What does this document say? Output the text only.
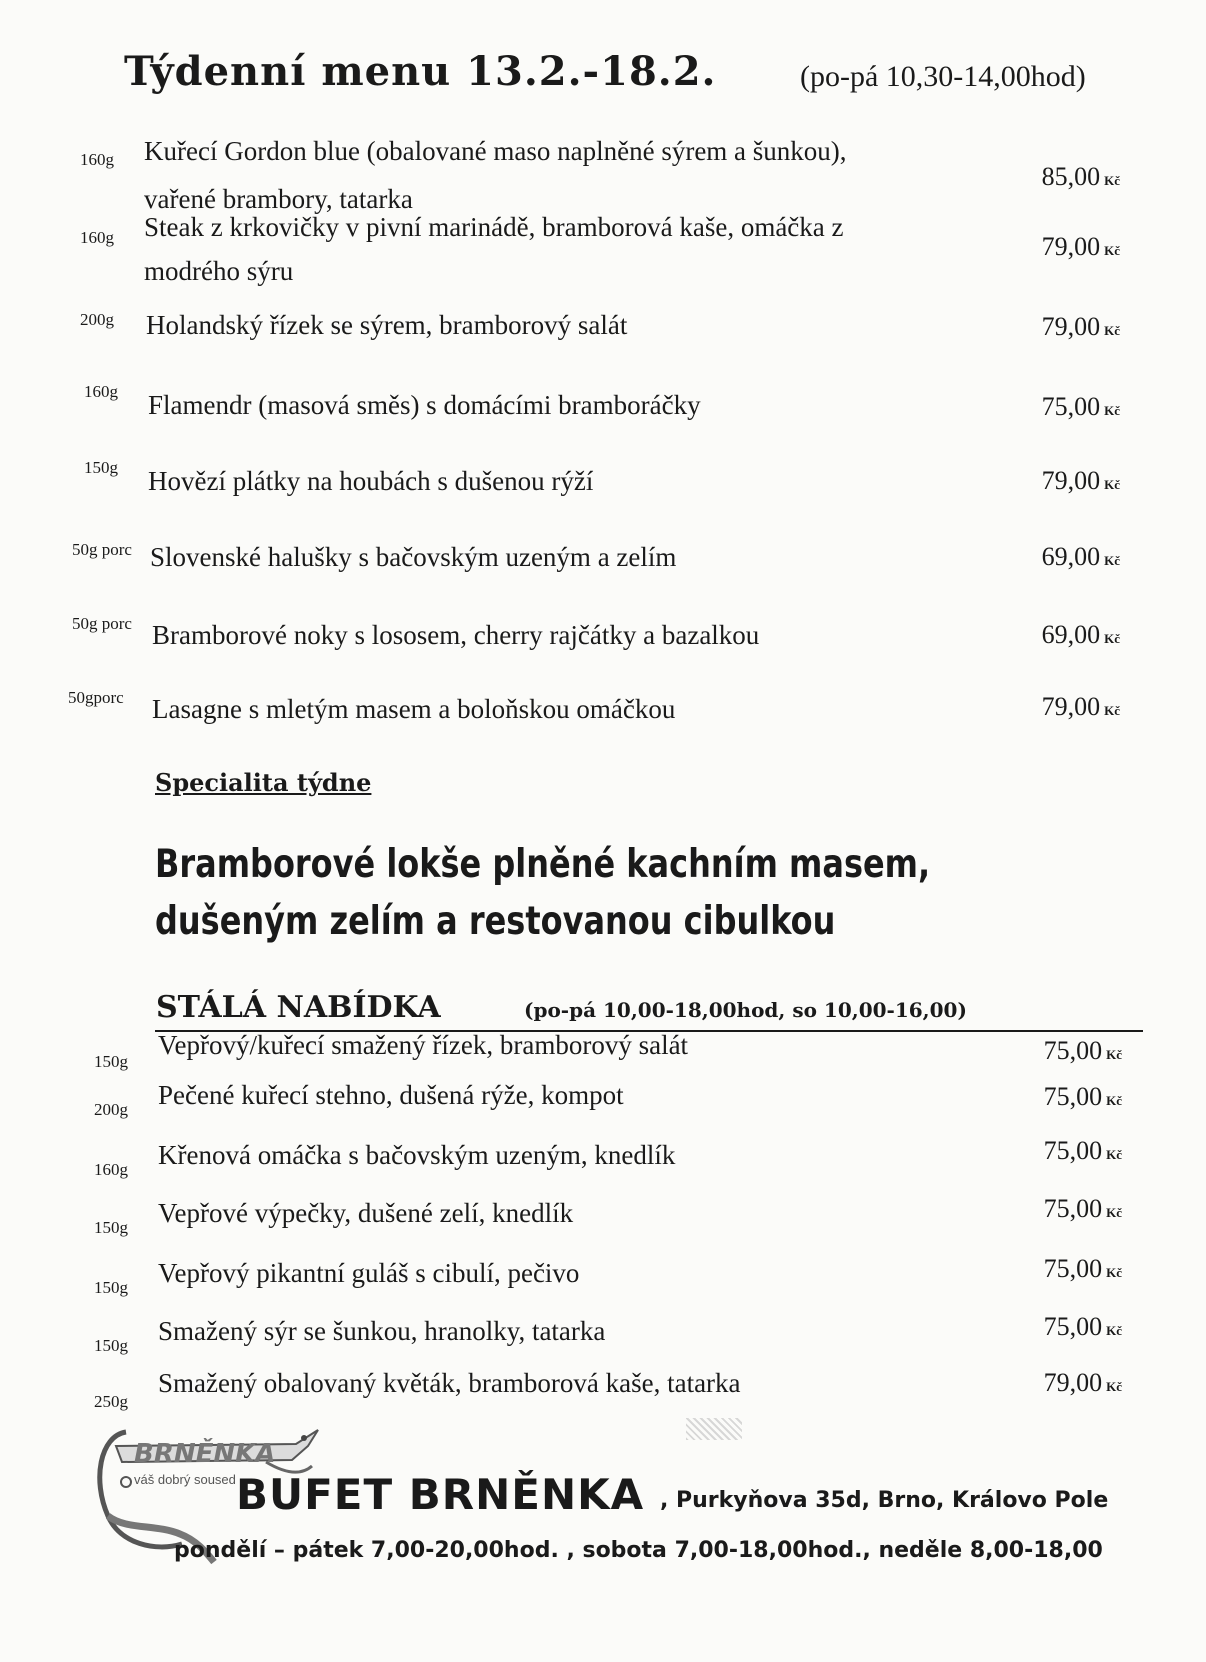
Týdenní menu 13.2.-18.2.	(po-pá 10,30-14,00hod)
160g Kuřecí Gordon blue (obalované maso naplněné sýrem a šunkou),
vařené brambory, tatarka
85,00 Kč
160g Steak z krkovičky v pivní marinádě, bramborová kaše, omáčka z
modrého sýru
79,00 Kč
200g Holandský řízek se sýrem, bramborový salát	79,00 Kč
160g Flamendr (masová směs) s domácími bramboráčky	75,00 Kč
150g Hovězí plátky na houbách s dušenou rýží	79,00 Kč
50g porc Slovenské halušky s bačovským uzeným a zelím	69,00 Kč
50g porc Bramborové noky s lososem, cherry rajčátky a bazalkou	69,00 Kč
50gporc Lasagne s mletým masem a boloňskou omáčkou	79,00 Kč
Specialita týdne
Bramborové lokše plněné kachním masem,
dušeným zelím a restovanou cibulkou
STÁLÁ NABÍDKA	(po-pá 10,00-18,00hod, so 10,00-16,00)
150g
Vepřový/kuřecí smažený řízek, bramborový salát	75,00 Kč
200g Pečené kuřecí stehno, dušená rýže, kompot	75,00 Kč
160g Křenová omáčka s bačovským uzeným, knedlík	75,00 Kč
150g Vepřové výpečky, dušené zelí, knedlík	75,00 Kč
150g Vepřový pikantní guláš s cibulí, pečivo	75,00 Kč
150g Smažený sýr se šunkou, hranolky, tatarka	75,00 Kč
250g
Smažený obalovaný květák, bramborová kaše, tatarka	79,00 Kč
BRNĚNKA
váš dobrý soused BUFET BRNĚNKA , Purkyňova 35d, Brno, Královo Pole
pondělí – pátek 7,00-20,00hod. , sobota 7,00-18,00hod., neděle 8,00-18,00
